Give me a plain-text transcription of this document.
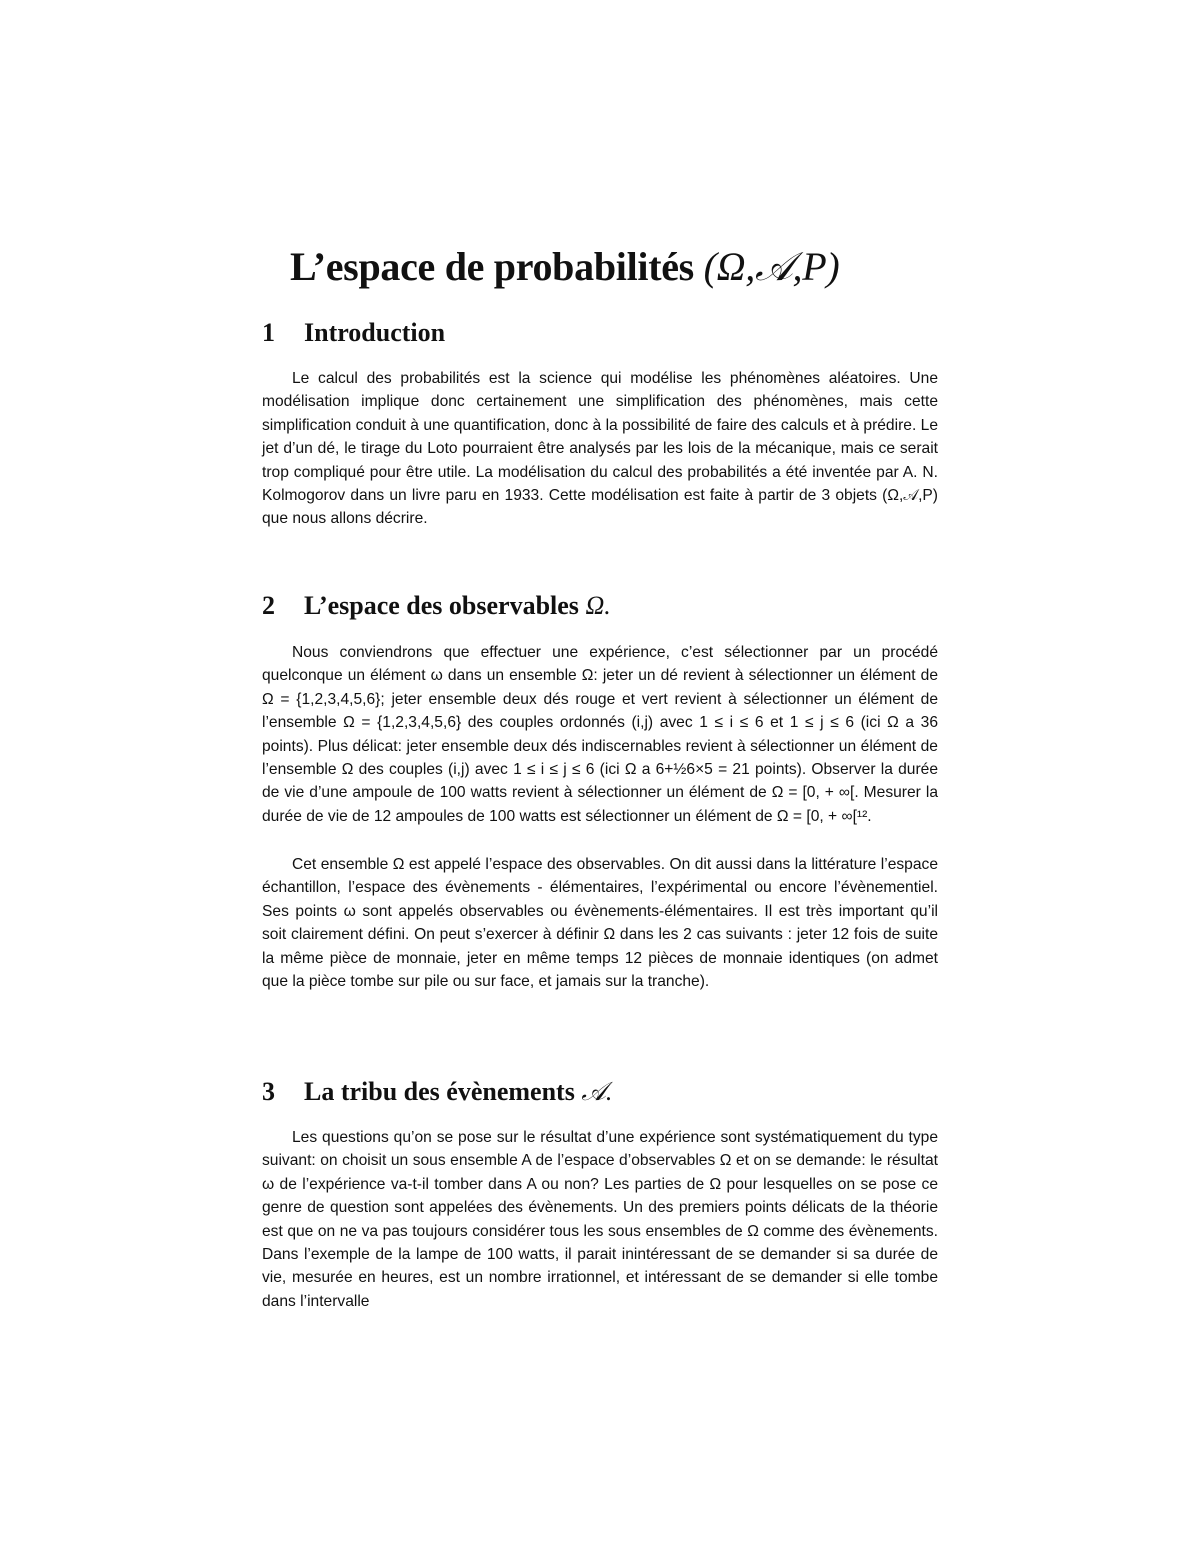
L’espace de probabilités (Ω,𝒜,P)
1 Introduction

Le calcul des probabilités est la science qui modélise les phénomènes aléatoires. Une modélisation implique donc certainement une simplification des phénomènes, mais cette simplification conduit à une quantification, donc à la possibilité de faire des calculs et à prédire. Le jet d’un dé, le tirage du Loto pourraient être analysés par les lois de la mécanique, mais ce serait trop compliqué pour être utile. La modélisation du calcul des probabilités a été inventée par A. N. Kolmogorov dans un livre paru en 1933. Cette modélisation est faite à partir de 3 objets (Ω,𝒜,P) que nous allons décrire.

2 L’espace des observables Ω.

Nous conviendrons que effectuer une expérience, c’est sélectionner par un procédé quelconque un élément ω dans un ensemble Ω: jeter un dé revient à sélectionner un élément de Ω = {1,2,3,4,5,6}; jeter ensemble deux dés rouge et vert revient à sélectionner un élément de l’ensemble Ω = {1,2,3,4,5,6} des couples ordonnés (i,j) avec 1 ≤ i ≤ 6 et 1 ≤ j ≤ 6 (ici Ω a 36 points). Plus délicat: jeter ensemble deux dés indiscernables revient à sélectionner un élément de l’ensemble Ω des couples (i,j) avec 1 ≤ i ≤ j ≤ 6 (ici Ω a 6+½6×5 = 21 points). Observer la durée de vie d’une ampoule de 100 watts revient à sélectionner un élément de Ω = [0, + ∞[. Mesurer la durée de vie de 12 ampoules de 100 watts est sélectionner un élément de Ω = [0, + ∞[¹².

Cet ensemble Ω est appelé l’espace des observables. On dit aussi dans la littérature l’espace échantillon, l’espace des évènements - élémentaires, l’expérimental ou encore l’évènementiel. Ses points ω sont appelés observables ou évènements-élémentaires. Il est très important qu’il soit clairement défini. On peut s’exercer à définir Ω dans les 2 cas suivants : jeter 12 fois de suite la même pièce de monnaie, jeter en même temps 12 pièces de monnaie identiques (on admet que la pièce tombe sur pile ou sur face, et jamais sur la tranche).

3 La tribu des évènements 𝒜.

Les questions qu’on se pose sur le résultat d’une expérience sont systématiquement du type suivant: on choisit un sous ensemble A de l’espace d’observables Ω et on se demande: le résultat ω de l’expérience va-t-il tomber dans A ou non? Les parties de Ω pour lesquelles on se pose ce genre de question sont appelées des évènements. Un des premiers points délicats de la théorie est que on ne va pas toujours considérer tous les sous ensembles de Ω comme des évènements. Dans l’exemple de la lampe de 100 watts, il parait inintéressant de se demander si sa durée de vie, mesurée en heures, est un nombre irrationnel, et intéressant de se demander si elle tombe dans l’intervalle
